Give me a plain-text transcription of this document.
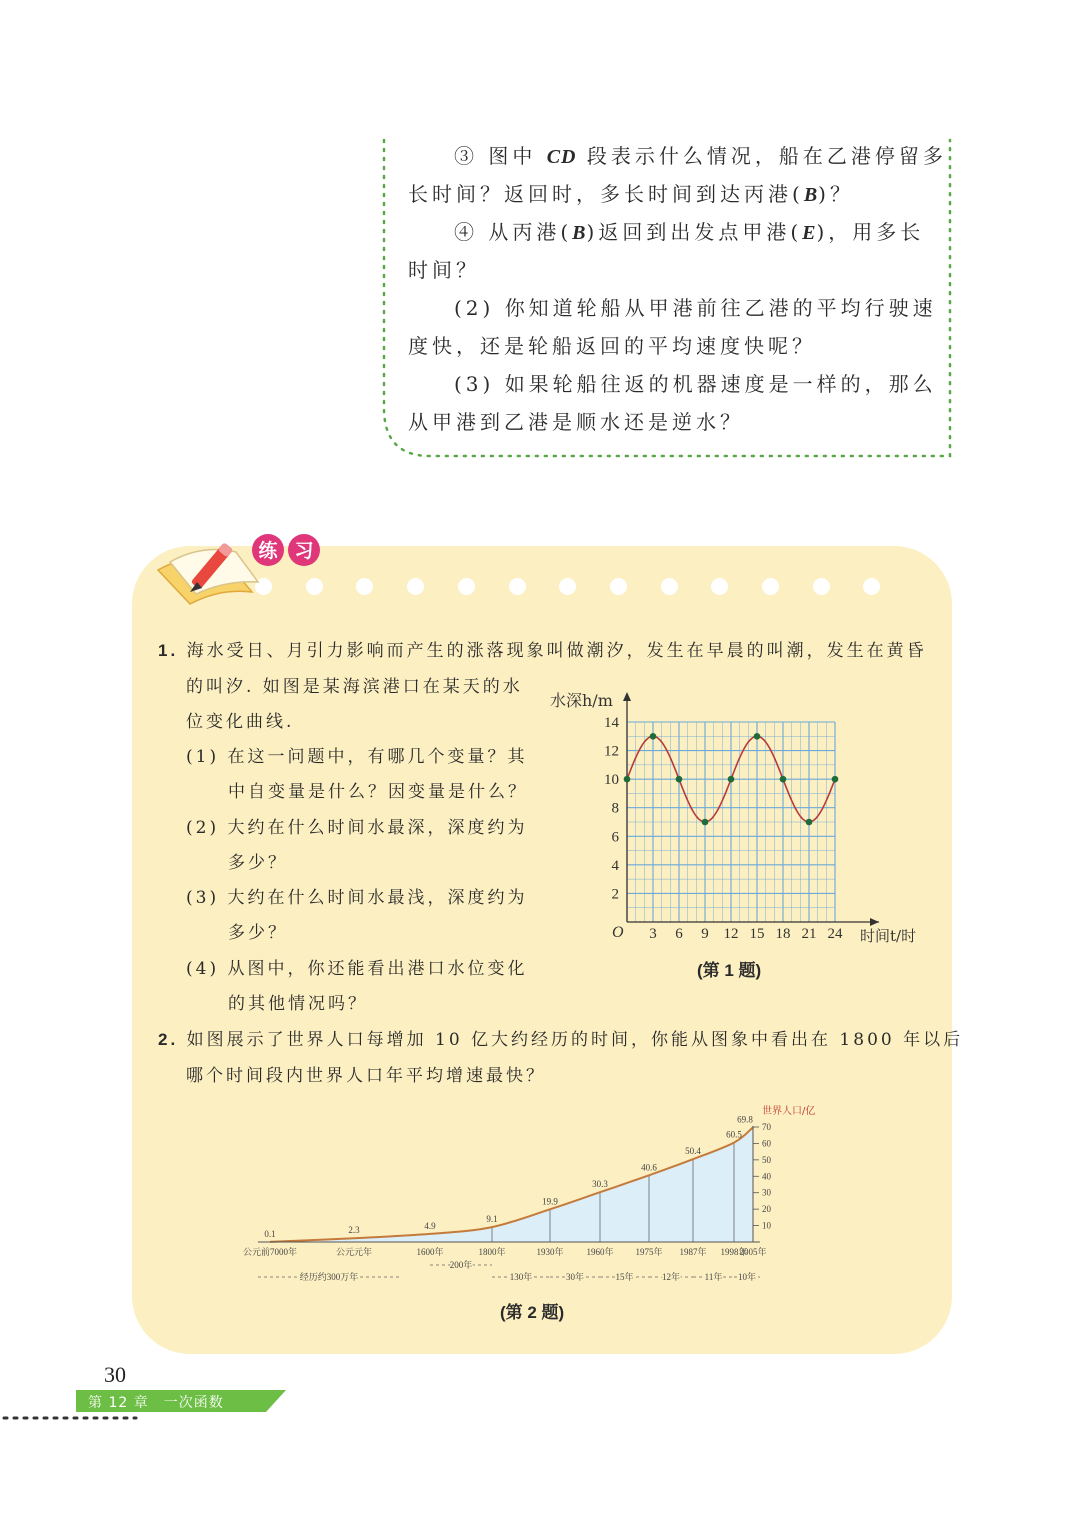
③ 图中 CD 段表示什么情况，船在乙港停留多
长时间？返回时，多长时间到达丙港(B)？
④ 从丙港(B)返回到出发点甲港(E)，用多长
时间？
(2) 你知道轮船从甲港前往乙港的平均行驶速
度快，还是轮船返回的平均速度快呢？
(3) 如果轮船往返的机器速度是一样的，那么
从甲港到乙港是顺水还是逆水？
练 习
1. 海水受日、月引力影响而产生的涨落现象叫做潮汐，发生在早晨的叫潮，发生在黄昏
的叫汐. 如图是某海滨港口在某天的水
位变化曲线.
(1) 在这一问题中，有哪几个变量？其
中自变量是什么？因变量是什么？
(2) 大约在什么时间水最深，深度约为
多少？
(3) 大约在什么时间水最浅，深度约为
多少？
(4) 从图中，你还能看出港口水位变化
的其他情况吗？
2
4
6
8
10
12
14
3 6 9 12 15 18 21 24
水深h/m
时间t/时
O
(第 1 题)
2. 如图展示了世界人口每增加 10 亿大约经历的时间，你能从图象中看出在 1800 年以后
哪个时间段内世界人口年平均增速最快？
10
20
30
40
50
60
70
0.1	2.3	4.9
9.1
19.9
30.3
40.6
50.4
60.5
69.8
公元前7000年	公元元年	1600年	1800年	1930年	1960年 1975年 1987年 1998年
2005年
经历约300万年
200年
130年	30年	15年	12年	11年 10年
世界人口/亿
(第 2 题)
30
第 12 章　一次函数
